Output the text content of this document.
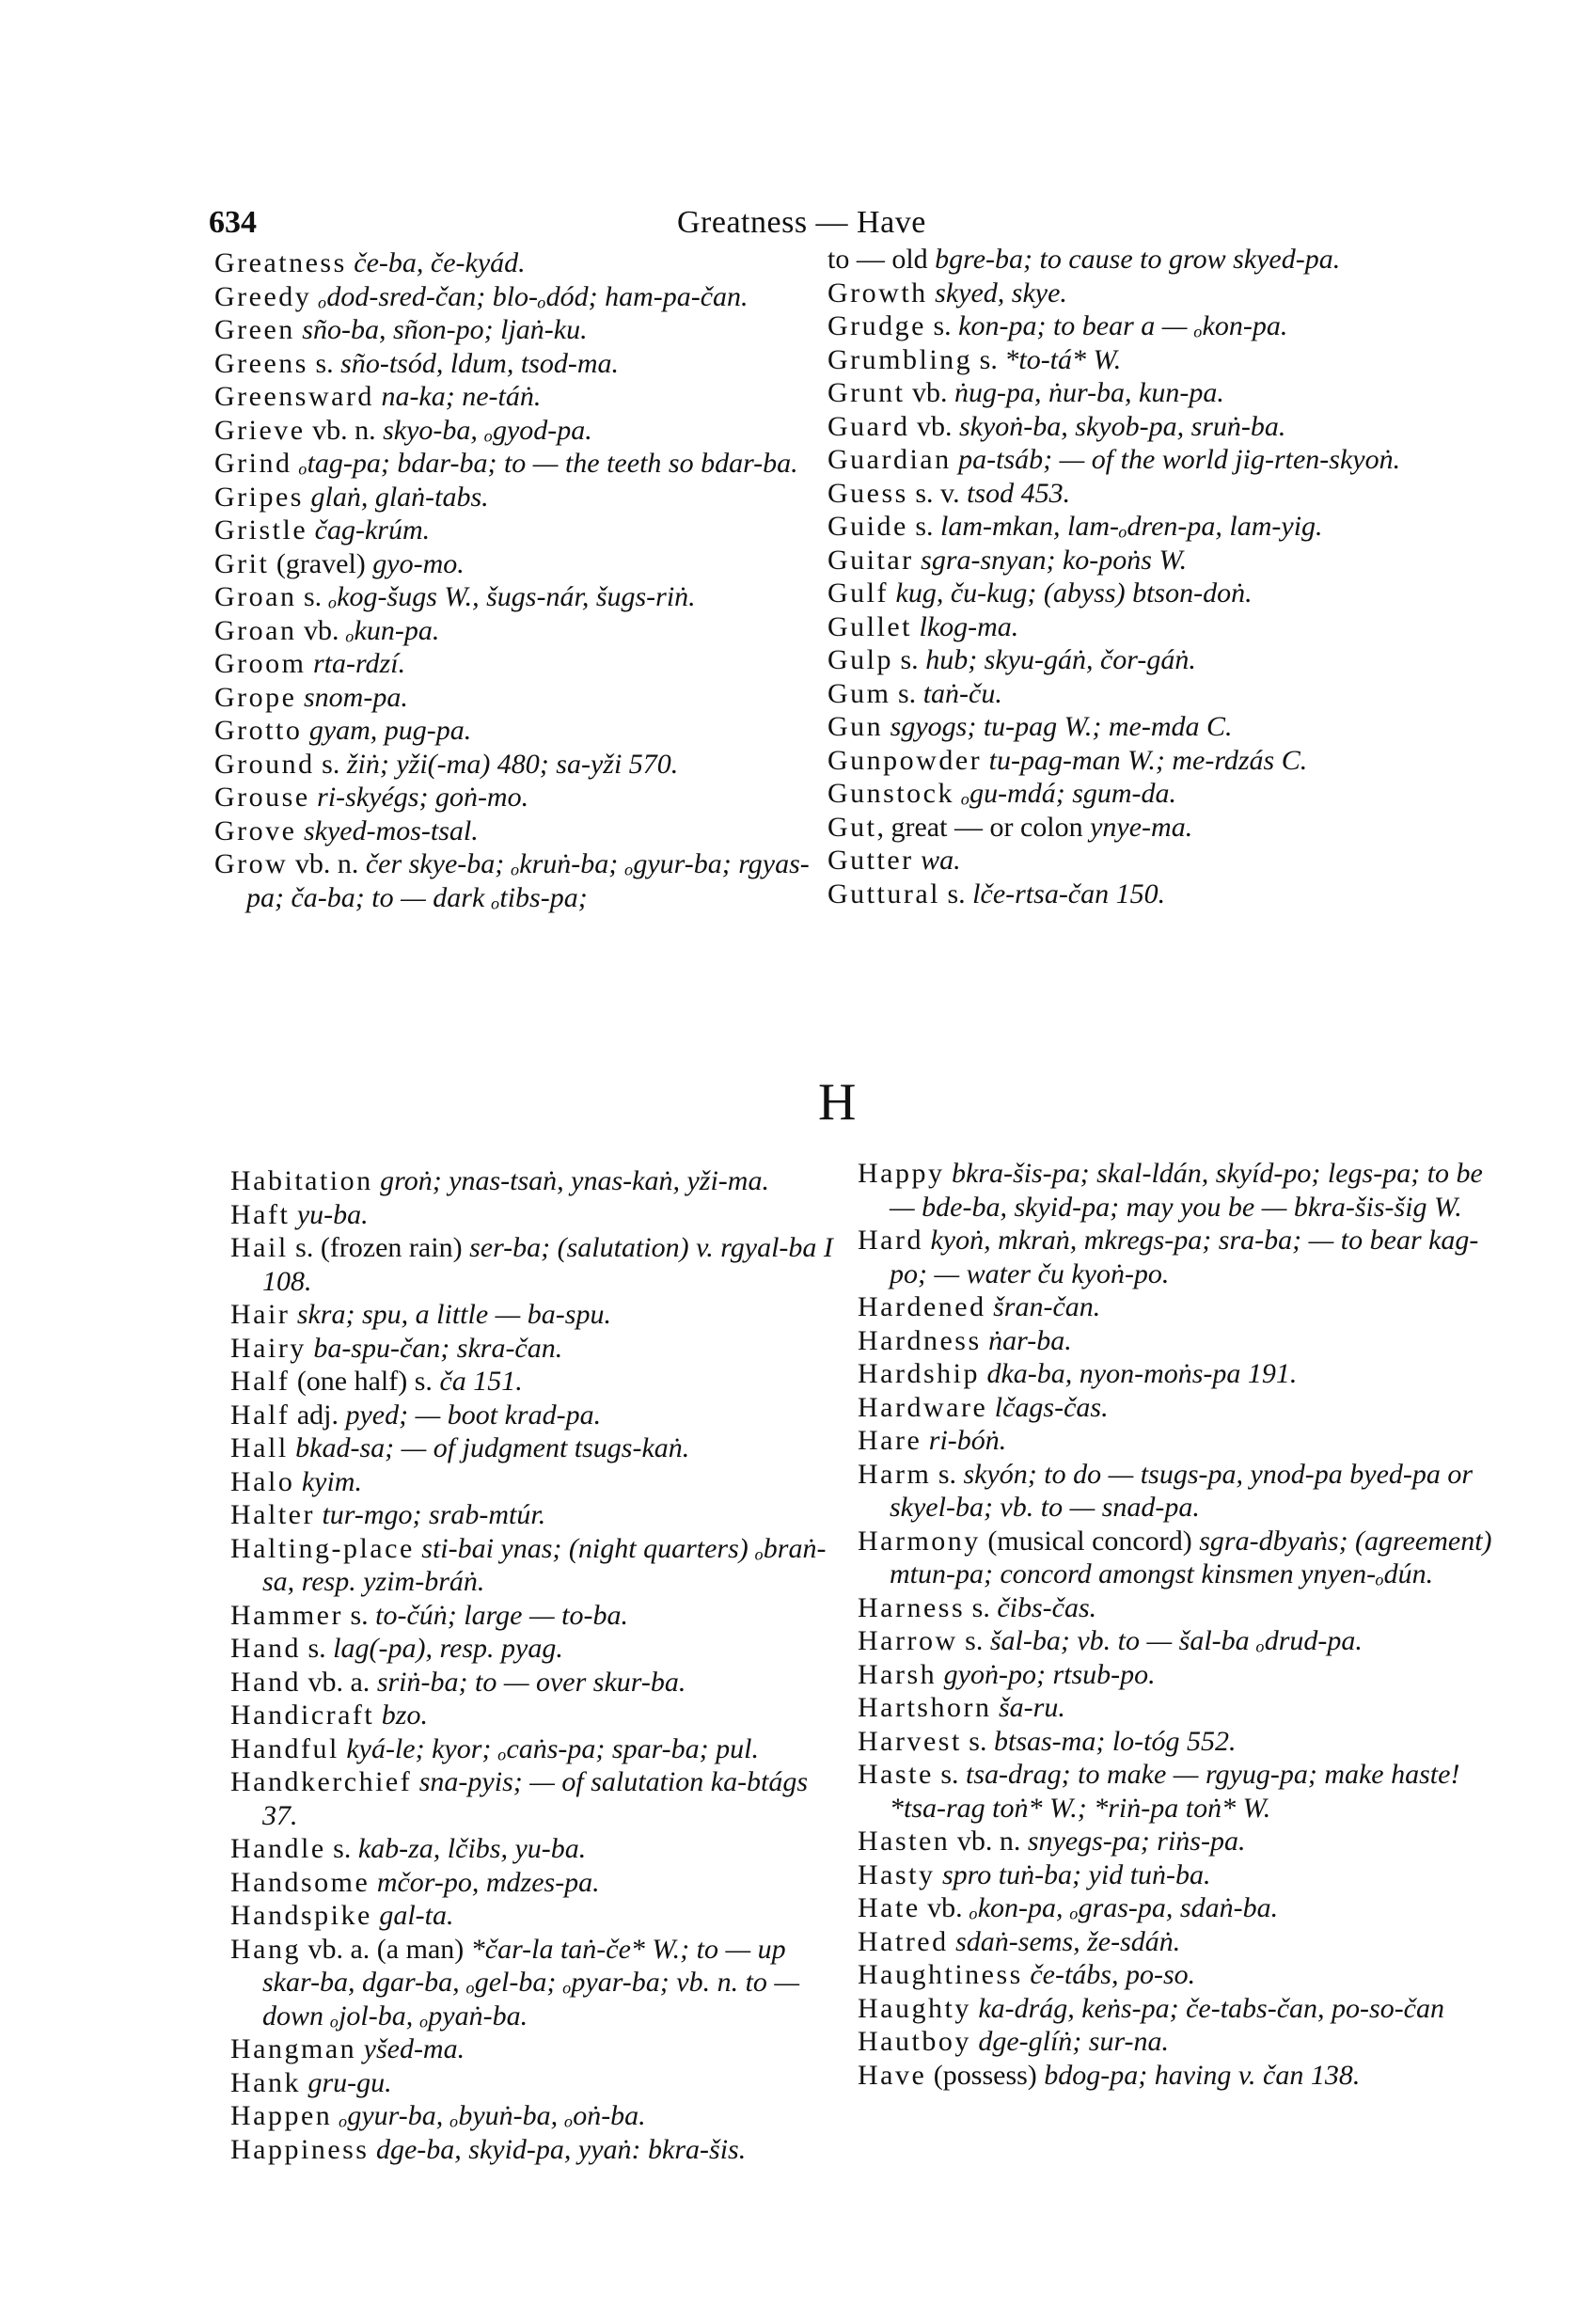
634	Greatness — Have

Greatness če-ba, če-kyád.

Greedy ₒdod-sred-čan; blo-ₒdód; ham-pa-čan.

Green sño-ba, sñon-po; ljaṅ-ku.

Greens s. sño-tsód, ldum, tsod-ma.

Greensward na-ka; ne-táṅ.

Grieve vb. n. skyo-ba, ₒgyod-pa.

Grind ₒtag-pa; bdar-ba; to — the teeth so bdar-ba.

Gripes glaṅ, glaṅ-tabs.

Gristle čag-krúm.

Grit (gravel) gyo-mo.

Groan s. ₒkog-šugs W., šugs-nár, šugs-riṅ.

Groan vb. ₒkun-pa.

Groom rta-rdzí.

Grope snom-pa.

Grotto gyam, pug-pa.

Ground s. žiṅ; yži(-ma) 480; sa-yži 570.

Grouse ri-skyégs; goṅ-mo.

Grove skyed-mos-tsal.

Grow vb. n. čer skye-ba; ₒkruṅ-ba; ₒgyur-ba; rgyas-pa; ča-ba; to — dark ₒtibs-pa;

to — old bgre-ba; to cause to grow skyed-pa.

Growth skyed, skye.

Grudge s. kon-pa; to bear a — ₒkon-pa.

Grumbling s. *to-tá* W.

Grunt vb. ṅug-pa, ṅur-ba, kun-pa.

Guard vb. skyoṅ-ba, skyob-pa, sruṅ-ba.

Guardian pa-tsáb; — of the world jig-rten-skyoṅ.

Guess s. v. tsod 453.

Guide s. lam-mkan, lam-ₒdren-pa, lam-yig.

Guitar sgra-snyan; ko-poṅs W.

Gulf kug, ču-kug; (abyss) btson-doṅ.

Gullet lkog-ma.

Gulp s. hub; skyu-gáṅ, čor-gáṅ.

Gum s. taṅ-ču.

Gun sgyogs; tu-pag W.; me-mda C.

Gunpowder tu-pag-man W.; me-rdzás C.

Gunstock ₒgu-mdá; sgum-da.

Gut, great — or colon ynye-ma.

Gutter wa.

Guttural s. lče-rtsa-čan 150.

H

Habitation groṅ; ynas-tsaṅ, ynas-kaṅ, yži-ma.

Haft yu-ba.

Hail s. (frozen rain) ser-ba; (salutation) v. rgyal-ba I 108.

Hair skra; spu, a little — ba-spu.

Hairy ba-spu-čan; skra-čan.

Half (one half) s. ča 151.

Half adj. pyed; — boot krad-pa.

Hall bkad-sa; — of judgment tsugs-kaṅ.

Halo kyim.

Halter tur-mgo; srab-mtúr.

Halting-place sti-bai ynas; (night quarters) ₒbraṅ-sa, resp. yzim-bráṅ.

Hammer s. to-čúṅ; large — to-ba.

Hand s. lag(-pa), resp. pyag.

Hand vb. a. sriṅ-ba; to — over skur-ba.

Handicraft bzo.

Handful kyá-le; kyor; ₒcaṅs-pa; spar-ba; pul.

Handkerchief sna-pyis; — of salutation ka-btágs 37.

Handle s. kab-za, lčibs, yu-ba.

Handsome mčor-po, mdzes-pa.

Handspike gal-ta.

Hang vb. a. (a man) *čar-la taṅ-če* W.; to — up skar-ba, dgar-ba, ₒgel-ba; ₒpyar-ba; vb. n. to — down ₒjol-ba, ₒpyaṅ-ba.

Hangman yšed-ma.

Hank gru-gu.

Happen ₒgyur-ba, ₒbyuṅ-ba, ₒoṅ-ba.

Happiness dge-ba, skyid-pa, yyaṅ: bkra-šis.

Happy bkra-šis-pa; skal-ldán, skyíd-po; legs-pa; to be — bde-ba, skyid-pa; may you be — bkra-šis-šig W.

Hard kyoṅ, mkraṅ, mkregs-pa; sra-ba; — to bear kag-po; — water ču kyoṅ-po.

Hardened šran-čan.

Hardness ṅar-ba.

Hardship dka-ba, nyon-moṅs-pa 191.

Hardware lčags-čas.

Hare ri-bóṅ.

Harm s. skyón; to do — tsugs-pa, ynod-pa byed-pa or skyel-ba; vb. to — snad-pa.

Harmony (musical concord) sgra-dbyaṅs; (agreement) mtun-pa; concord amongst kinsmen ynyen-ₒdún.

Harness s. čibs-čas.

Harrow s. šal-ba; vb. to — šal-ba ₒdrud-pa.

Harsh gyoṅ-po; rtsub-po.

Hartshorn ša-ru.

Harvest s. btsas-ma; lo-tóg 552.

Haste s. tsa-drag; to make — rgyug-pa; make haste! *tsa-rag toṅ* W.; *riṅ-pa toṅ* W.

Hasten vb. n. snyegs-pa; riṅs-pa.

Hasty spro tuṅ-ba; yid tuṅ-ba.

Hate vb. ₒkon-pa, ₒgras-pa, sdaṅ-ba.

Hatred sdaṅ-sems, že-sdáṅ.

Haughtiness če-tábs, po-so.

Haughty ka-drág, keṅs-pa; če-tabs-čan, po-so-čan

Hautboy dge-glíṅ; sur-na.

Have (possess) bdog-pa; having v. čan 138.
